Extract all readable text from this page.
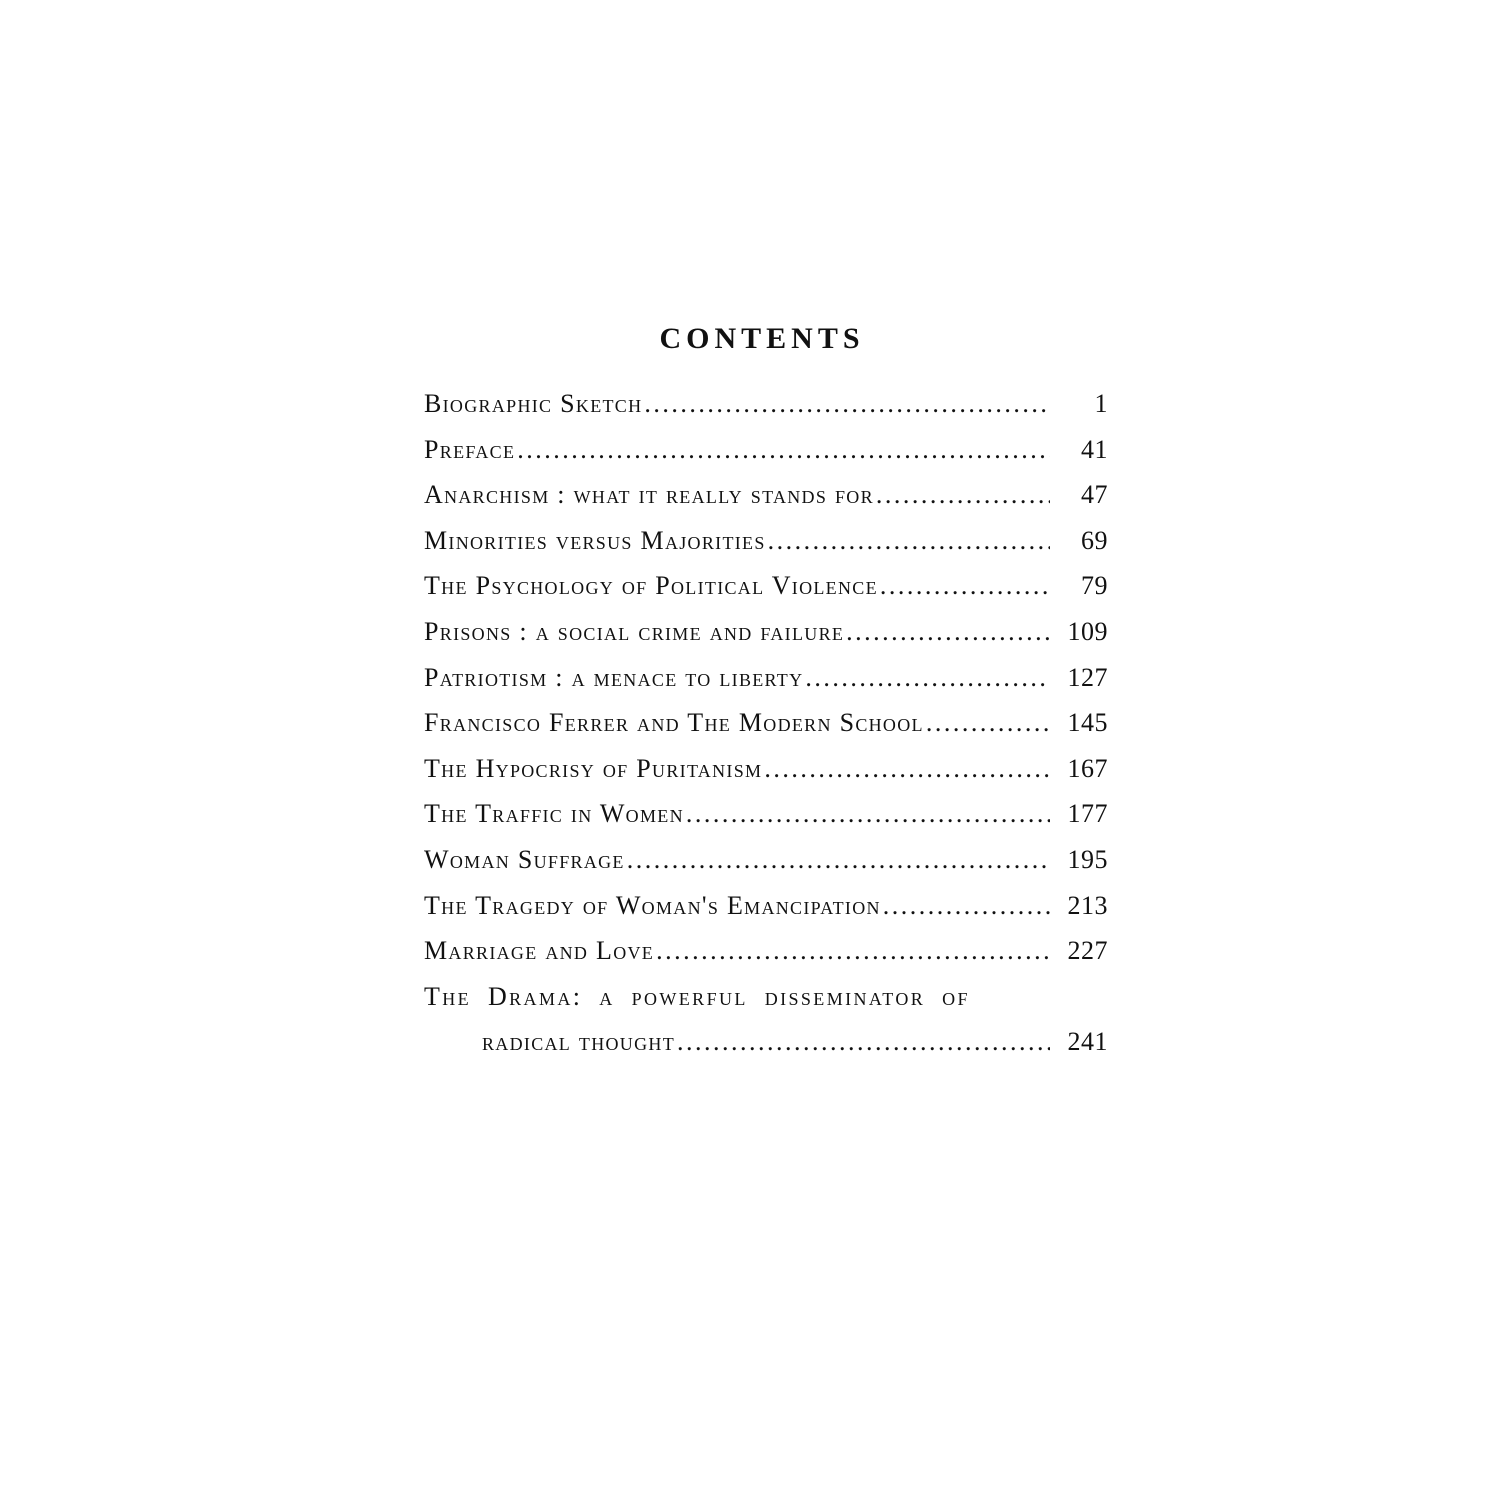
CONTENTS
Biographic Sketch . . .	1
Preface . . .	41
Anarchism : what it really stands for . . .	47
Minorities versus Majorities . . .	69
The Psychology of Political Violence . . .	79
Prisons : a social crime and failure . . .	109
Patriotism : a menace to liberty . . .	127
Francisco Ferrer and The Modern School . . .	145
The Hypocrisy of Puritanism . . .	167
The Traffic in Women . . .	177
Woman Suffrage . . .	195
The Tragedy of Woman's Emancipation . . .	213
Marriage and Love . . .	227
The Drama: a powerful disseminator of
radical thought . . .	241
